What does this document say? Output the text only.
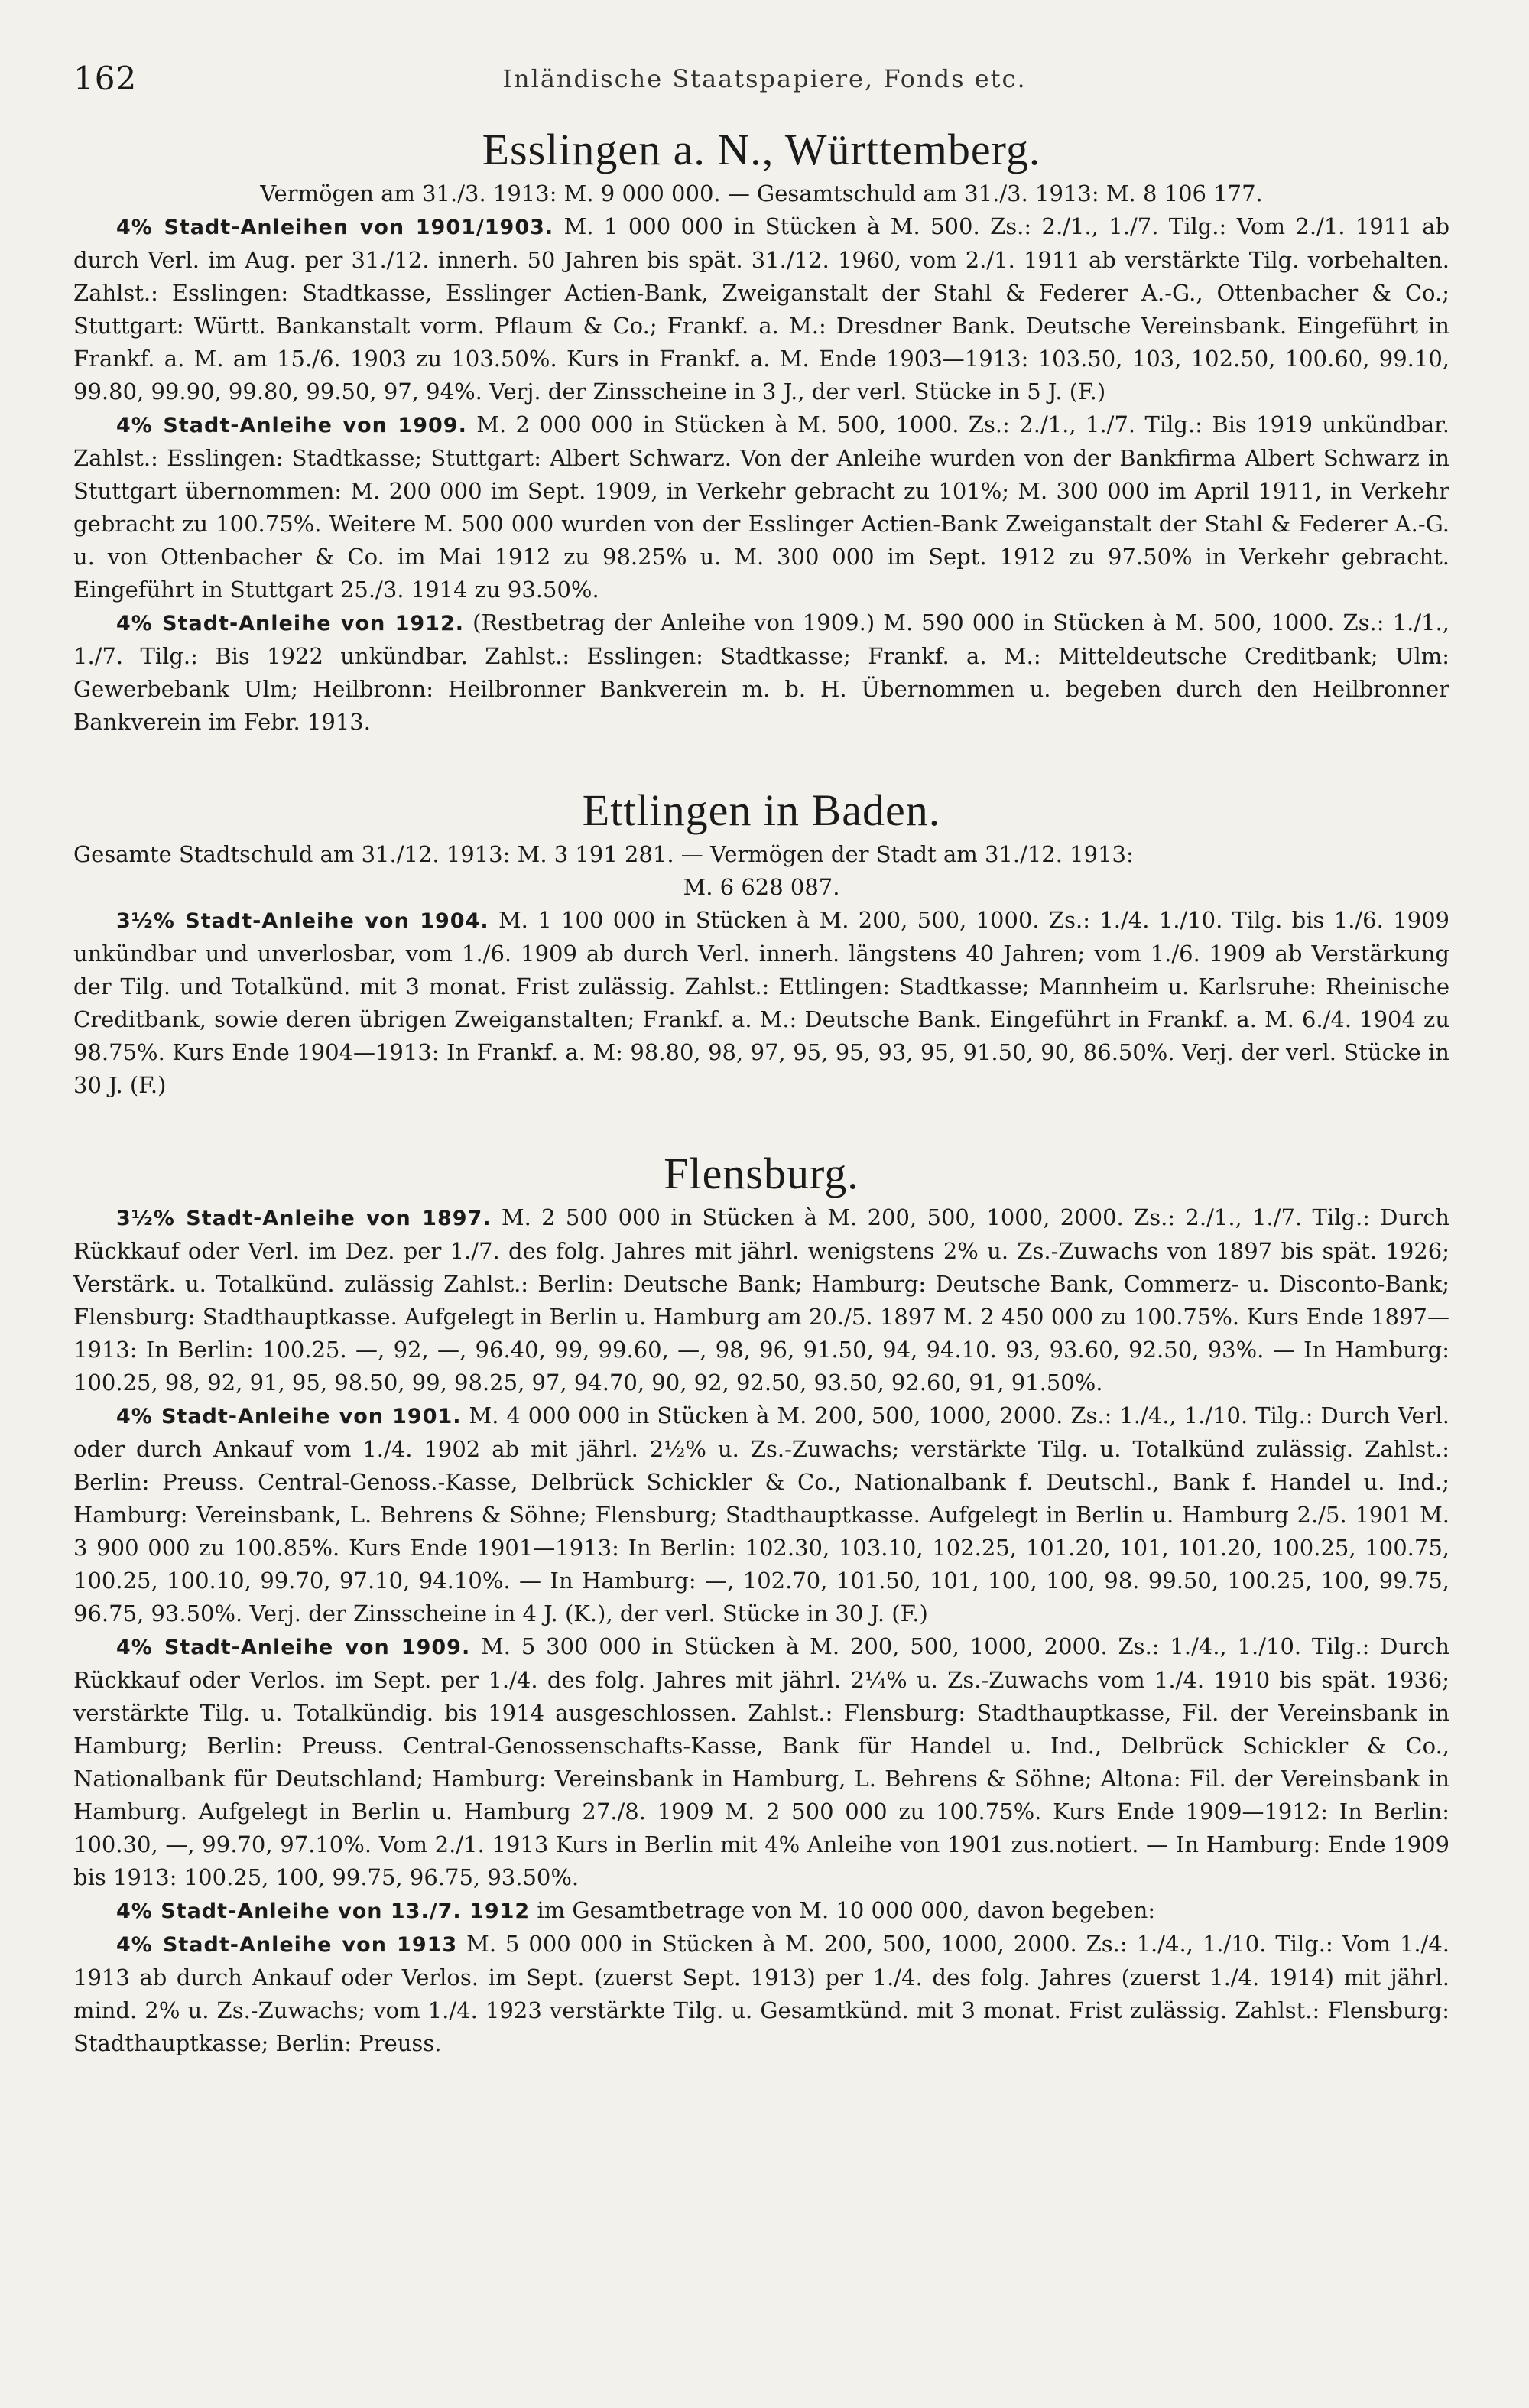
162	Inländische Staatspapiere, Fonds etc.
Esslingen a. N., Württemberg.

Vermögen am 31./3. 1913: M. 9 000 000. — Gesamtschuld am 31./3. 1913: M. 8 106 177.

4% Stadt-Anleihen von 1901/1903. M. 1 000 000 in Stücken à M. 500. Zs.: 2./1., 1./7. Tilg.: Vom 2./1. 1911 ab durch Verl. im Aug. per 31./12. innerh. 50 Jahren bis spät. 31./12. 1960, vom 2./1. 1911 ab verstärkte Tilg. vorbehalten. Zahlst.: Esslingen: Stadtkasse, Esslinger Actien-Bank, Zweiganstalt der Stahl & Federer A.-G., Ottenbacher & Co.; Stuttgart: Württ. Bankanstalt vorm. Pflaum & Co.; Frankf. a. M.: Dresdner Bank. Deutsche Vereinsbank. Eingeführt in Frankf. a. M. am 15./6. 1903 zu 103.50%. Kurs in Frankf. a. M. Ende 1903—1913: 103.50, 103, 102.50, 100.60, 99.10, 99.80, 99.90, 99.80, 99.50, 97, 94%. Verj. der Zinsscheine in 3 J., der verl. Stücke in 5 J. (F.)

4% Stadt-Anleihe von 1909. M. 2 000 000 in Stücken à M. 500, 1000. Zs.: 2./1., 1./7. Tilg.: Bis 1919 unkündbar. Zahlst.: Esslingen: Stadtkasse; Stuttgart: Albert Schwarz. Von der Anleihe wurden von der Bankfirma Albert Schwarz in Stuttgart übernommen: M. 200 000 im Sept. 1909, in Verkehr gebracht zu 101%; M. 300 000 im April 1911, in Verkehr gebracht zu 100.75%. Weitere M. 500 000 wurden von der Esslinger Actien-Bank Zweiganstalt der Stahl & Federer A.-G. u. von Ottenbacher & Co. im Mai 1912 zu 98.25% u. M. 300 000 im Sept. 1912 zu 97.50% in Verkehr gebracht. Eingeführt in Stuttgart 25./3. 1914 zu 93.50%.

4% Stadt-Anleihe von 1912. (Restbetrag der Anleihe von 1909.) M. 590 000 in Stücken à M. 500, 1000. Zs.: 1./1., 1./7. Tilg.: Bis 1922 unkündbar. Zahlst.: Esslingen: Stadtkasse; Frankf. a. M.: Mitteldeutsche Creditbank; Ulm: Gewerbebank Ulm; Heilbronn: Heilbronner Bankverein m. b. H. Übernommen u. begeben durch den Heilbronner Bankverein im Febr. 1913.

Ettlingen in Baden.

Gesamte Stadtschuld am 31./12. 1913: M. 3 191 281. — Vermögen der Stadt am 31./12. 1913:

M. 6 628 087.

3½% Stadt-Anleihe von 1904. M. 1 100 000 in Stücken à M. 200, 500, 1000. Zs.: 1./4. 1./10. Tilg. bis 1./6. 1909 unkündbar und unverlosbar, vom 1./6. 1909 ab durch Verl. innerh. längstens 40 Jahren; vom 1./6. 1909 ab Verstärkung der Tilg. und Totalkünd. mit 3 monat. Frist zulässig. Zahlst.: Ettlingen: Stadtkasse; Mannheim u. Karlsruhe: Rheinische Creditbank, sowie deren übrigen Zweiganstalten; Frankf. a. M.: Deutsche Bank. Eingeführt in Frankf. a. M. 6./4. 1904 zu 98.75%. Kurs Ende 1904—1913: In Frankf. a. M: 98.80, 98, 97, 95, 95, 93, 95, 91.50, 90, 86.50%. Verj. der verl. Stücke in 30 J. (F.)

Flensburg.

3½% Stadt-Anleihe von 1897. M. 2 500 000 in Stücken à M. 200, 500, 1000, 2000. Zs.: 2./1., 1./7. Tilg.: Durch Rückkauf oder Verl. im Dez. per 1./7. des folg. Jahres mit jährl. wenigstens 2% u. Zs.-Zuwachs von 1897 bis spät. 1926; Verstärk. u. Totalkünd. zulässig Zahlst.: Berlin: Deutsche Bank; Hamburg: Deutsche Bank, Commerz- u. Disconto-Bank; Flensburg: Stadthauptkasse. Aufgelegt in Berlin u. Hamburg am 20./5. 1897 M. 2 450 000 zu 100.75%. Kurs Ende 1897—1913: In Berlin: 100.25. —, 92, —, 96.40, 99, 99.60, —, 98, 96, 91.50, 94, 94.10. 93, 93.60, 92.50, 93%. — In Hamburg: 100.25, 98, 92, 91, 95, 98.50, 99, 98.25, 97, 94.70, 90, 92, 92.50, 93.50, 92.60, 91, 91.50%.

4% Stadt-Anleihe von 1901. M. 4 000 000 in Stücken à M. 200, 500, 1000, 2000. Zs.: 1./4., 1./10. Tilg.: Durch Verl. oder durch Ankauf vom 1./4. 1902 ab mit jährl. 2½% u. Zs.-Zuwachs; verstärkte Tilg. u. Totalkünd zulässig. Zahlst.: Berlin: Preuss. Central-Genoss.-Kasse, Delbrück Schickler & Co., Nationalbank f. Deutschl., Bank f. Handel u. Ind.; Hamburg: Vereinsbank, L. Behrens & Söhne; Flensburg; Stadthauptkasse. Aufgelegt in Berlin u. Hamburg 2./5. 1901 M. 3 900 000 zu 100.85%. Kurs Ende 1901—1913: In Berlin: 102.30, 103.10, 102.25, 101.20, 101, 101.20, 100.25, 100.75, 100.25, 100.10, 99.70, 97.10, 94.10%. — In Hamburg: —, 102.70, 101.50, 101, 100, 100, 98. 99.50, 100.25, 100, 99.75, 96.75, 93.50%. Verj. der Zinsscheine in 4 J. (K.), der verl. Stücke in 30 J. (F.)

4% Stadt-Anleihe von 1909. M. 5 300 000 in Stücken à M. 200, 500, 1000, 2000. Zs.: 1./4., 1./10. Tilg.: Durch Rückkauf oder Verlos. im Sept. per 1./4. des folg. Jahres mit jährl. 2¼% u. Zs.-Zuwachs vom 1./4. 1910 bis spät. 1936; verstärkte Tilg. u. Totalkündig. bis 1914 ausgeschlossen. Zahlst.: Flensburg: Stadthauptkasse, Fil. der Vereinsbank in Hamburg; Berlin: Preuss. Central-Genossenschafts-Kasse, Bank für Handel u. Ind., Delbrück Schickler & Co., Nationalbank für Deutschland; Hamburg: Vereinsbank in Hamburg, L. Behrens & Söhne; Altona: Fil. der Vereinsbank in Hamburg. Aufgelegt in Berlin u. Hamburg 27./8. 1909 M. 2 500 000 zu 100.75%. Kurs Ende 1909—1912: In Berlin: 100.30, —, 99.70, 97.10%. Vom 2./1. 1913 Kurs in Berlin mit 4% Anleihe von 1901 zus.notiert. — In Hamburg: Ende 1909 bis 1913: 100.25, 100, 99.75, 96.75, 93.50%.

4% Stadt-Anleihe von 13./7. 1912 im Gesamtbetrage von M. 10 000 000, davon begeben:

4% Stadt-Anleihe von 1913 M. 5 000 000 in Stücken à M. 200, 500, 1000, 2000. Zs.: 1./4., 1./10. Tilg.: Vom 1./4. 1913 ab durch Ankauf oder Verlos. im Sept. (zuerst Sept. 1913) per 1./4. des folg. Jahres (zuerst 1./4. 1914) mit jährl. mind. 2% u. Zs.-Zuwachs; vom 1./4. 1923 verstärkte Tilg. u. Gesamtkünd. mit 3 monat. Frist zulässig. Zahlst.: Flensburg: Stadthauptkasse; Berlin: Preuss.
